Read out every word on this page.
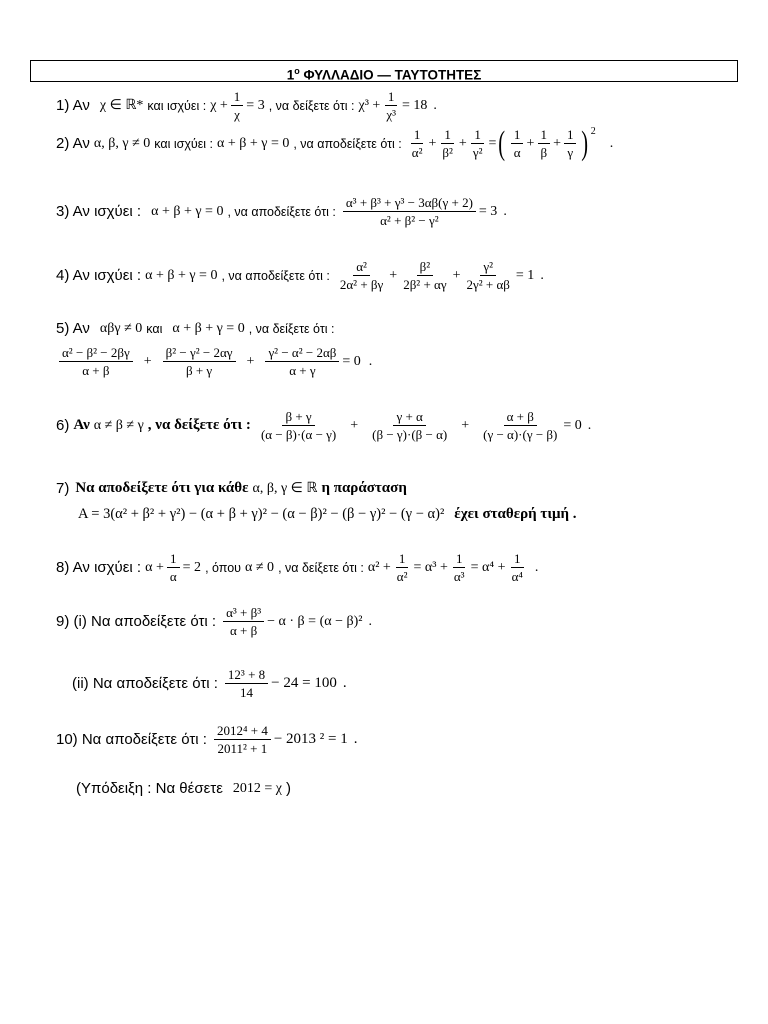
$1^o$ ΦΥΛΛΑΔΙΟ — ΤΑΥΤΟΤΗΤΕΣ
1) Αν χ ∈ ℝ* και ισχύει : $\chi + \frac{1}{\chi} = 3$ , να δείξετε ότι : $\chi^3 + \frac{1}{\text{χ³}} = 18$ .
2) Αν α, β, γ ≠ 0 και ισχύει : α + β + γ = 0 , να αποδείξετε ότι : $\frac{1}{\text{α²}} + \frac{1}{\text{β²}} + \frac{1}{\text{γ²}}$ = ( $\frac{1}{\alpha} + \frac{1}{\beta} + \frac{1}{\gamma} )^2$
.
3) Αν ισχύει : α + β + γ = 0 , να αποδείξετε ότι : $\frac{\text{α³ + β³ + γ³ − 3αβ(γ + 2)}}{\text{α² + β² − γ²}} = 3$ .
4) Αν ισχύει : α + β + γ = 0 , να αποδείξετε ότι : $\frac{\text{α²}}{\text{2α² + βγ}} + \frac{\text{β²}}{\text{2β² + αγ}} + \frac{\text{γ²}}{\text{2γ² + αβ}} = 1$ .
5) Αν αβγ ≠ 0 και α + β + γ = 0 , να δείξετε ότι :
$\frac{\text{α² − β² − 2βγ}}{\alpha + \beta} + \frac{\text{β² − γ² − 2αγ}}{\beta + \gamma} + \frac{\text{γ² − α² − 2αβ}}{\alpha + \gamma} = 0$ .
6) Αν α ≠ β ≠ γ , να δείξετε ότι : $\frac{\beta + \gamma}{(\alpha - \beta)\cdot(\alpha - \gamma)} + \frac{\gamma + \alpha}{(\beta - \gamma)\cdot(\beta - \alpha)} + \frac{\alpha + \beta}{(\gamma - \alpha)\cdot(\gamma - \beta)} = 0$ .
7) Να αποδείξετε ότι για κάθε α, β, γ ∈ ℝ η παράσταση
A = 3(α² + β² + γ²) − (α + β + γ)² − (α − β)² − (β − γ)² − (γ − α)² έχει σταθερή τιμή .
8) Αν ισχύει : $\alpha + \frac{1}{\alpha} = 2$ , όπου α ≠ 0 , να δείξετε ότι : $\alpha^2 + \frac{1}{\text{α²}} = \alpha^3 + \frac{1}{\text{α³}} = \alpha^4 + \frac{1}{\text{α⁴}}$ .
9) (i) Να αποδείξετε ότι : $\frac{\text{α³ + β³}}{\alpha + \beta} - \alpha \cdot \beta = (\alpha - \beta)^2$ .
(ii) Να αποδείξετε ότι : $\frac{\text{12³ + 8}}{14} - 24 = 100$ .
10) Να αποδείξετε ότι : $\frac{\text{2012⁴ + 4}}{\text{2011² + 1}} - 2013$ ² = 1 .
(Υπόδειξη : Να θέσετε 2012 = χ )
